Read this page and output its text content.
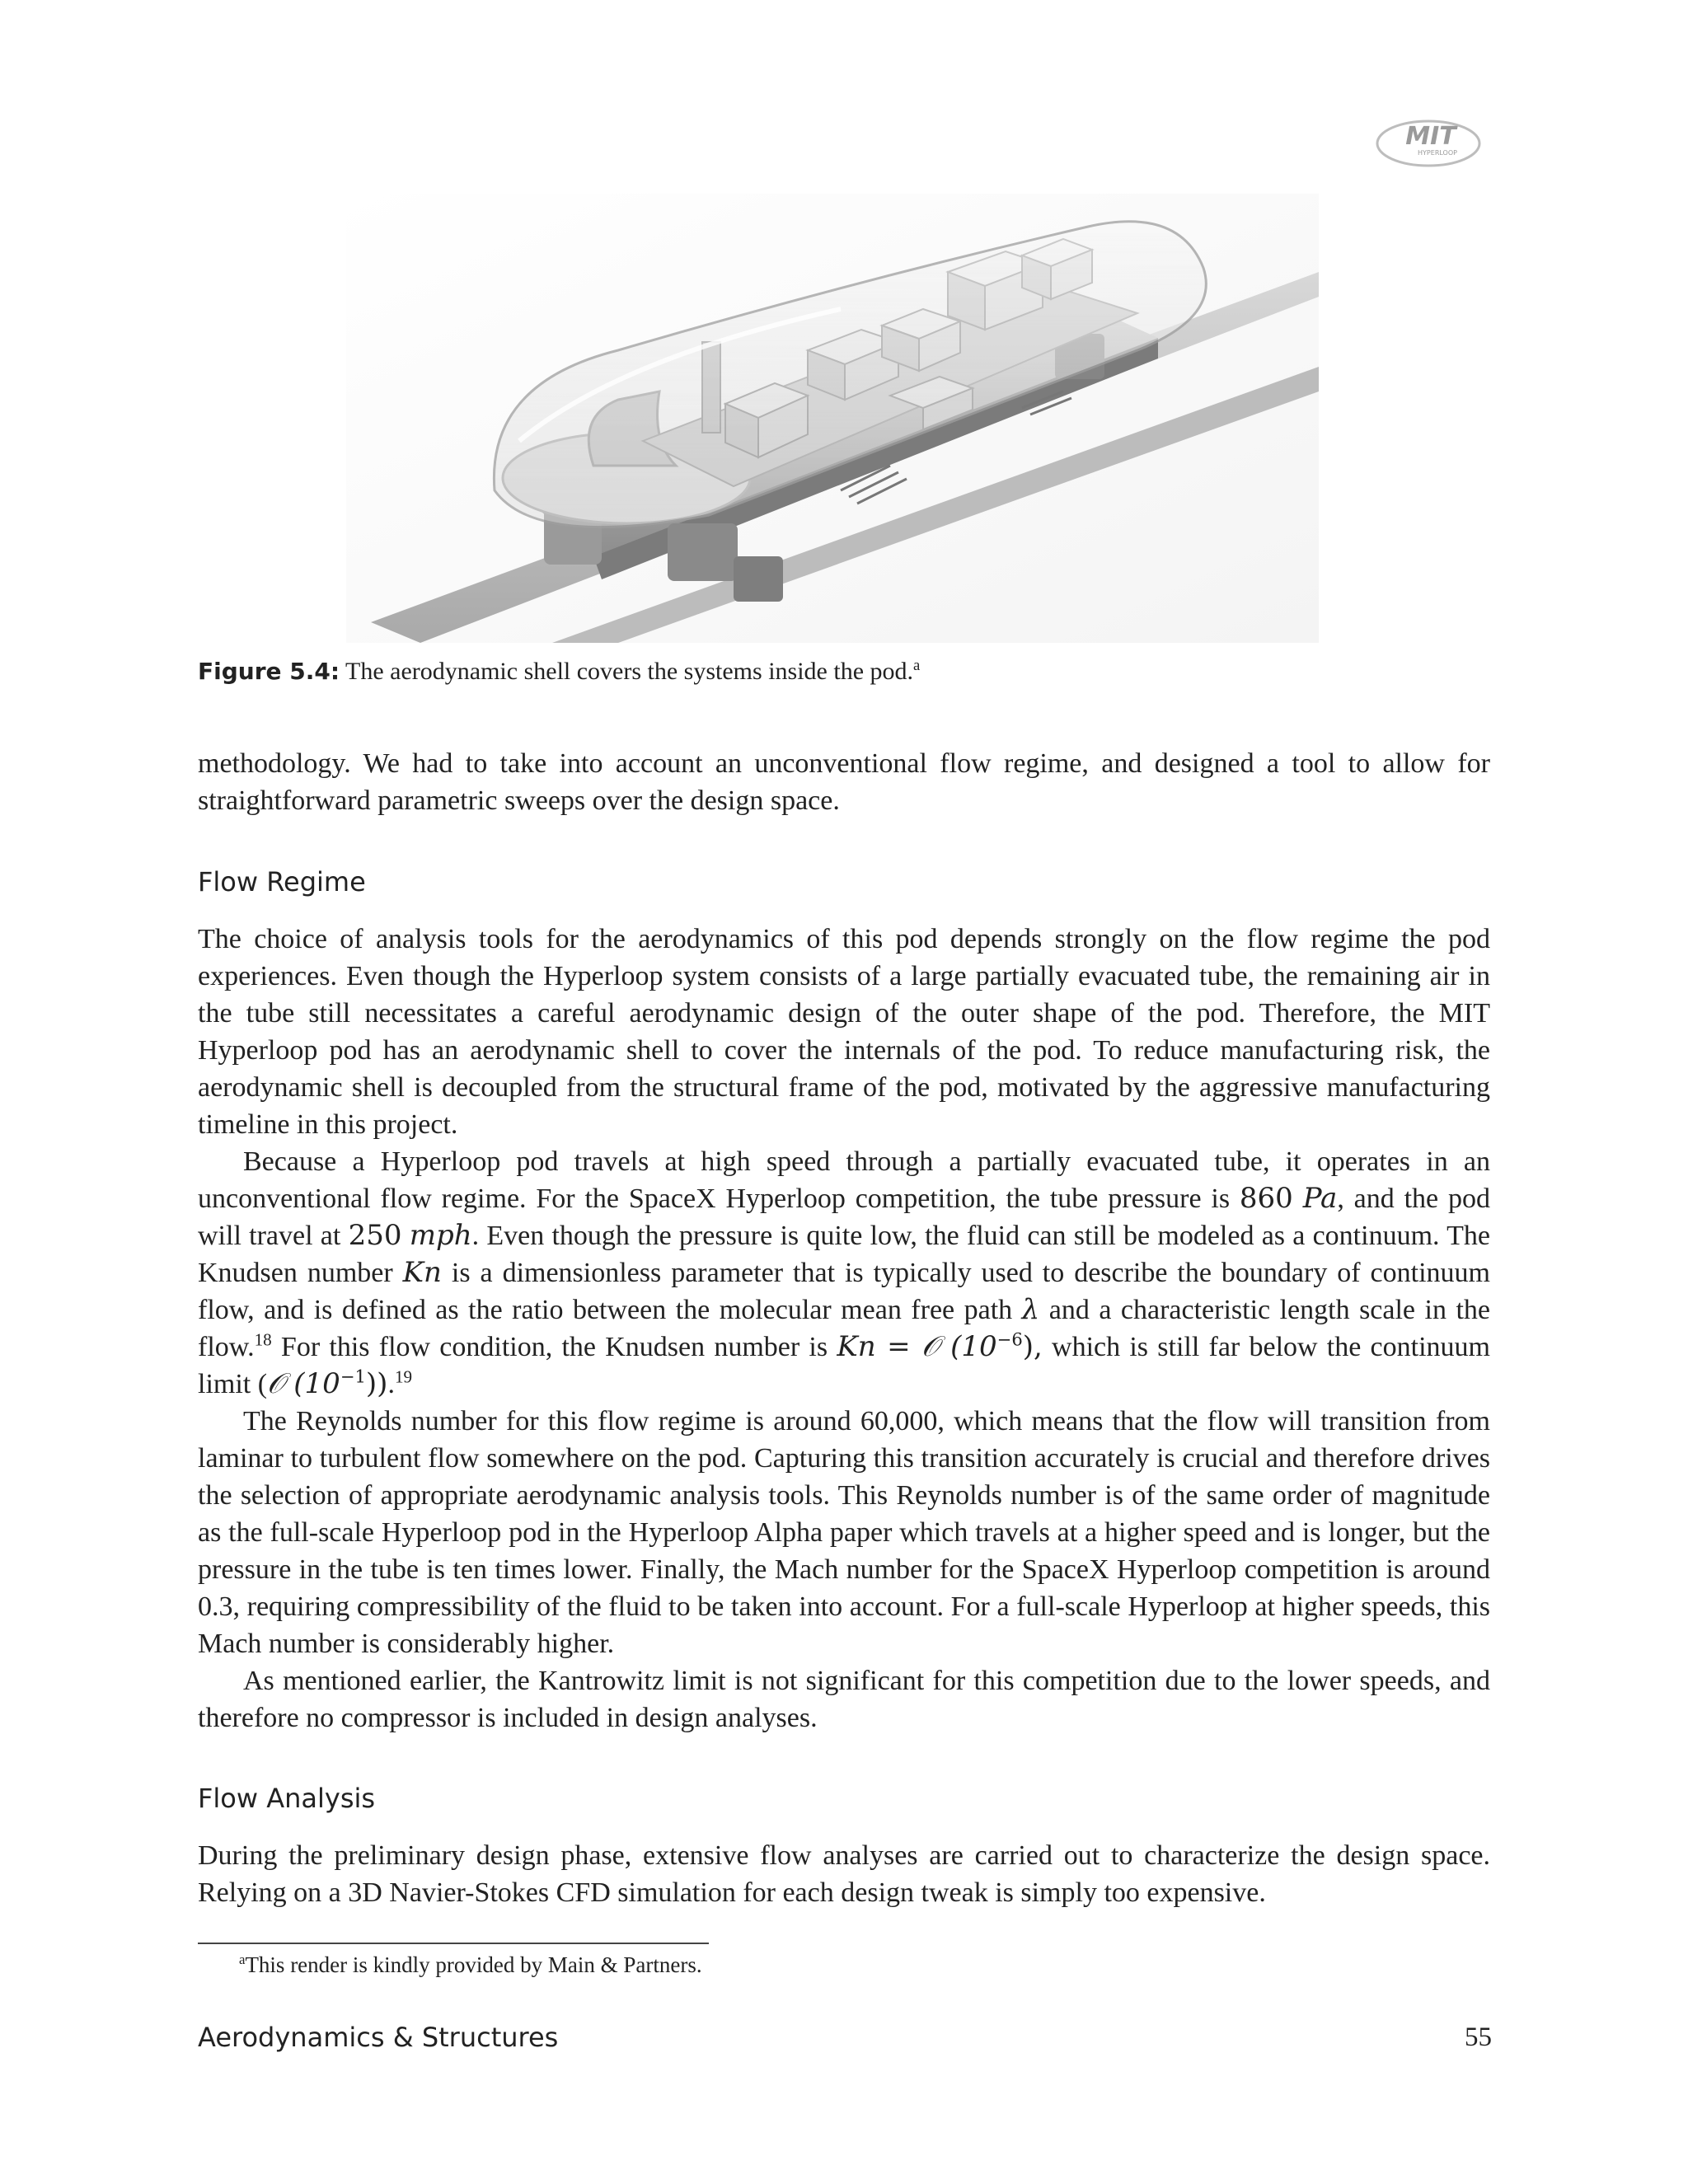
MIT
HYPERLOOP
Figure 5.4: The aerodynamic shell covers the systems inside the pod.$^a$

methodology. We had to take into account an unconventional flow regime, and designed a tool to allow for straightforward parametric sweeps over the design space.

Flow Regime

The choice of analysis tools for the aerodynamics of this pod depends strongly on the flow regime the pod experiences. Even though the Hyperloop system consists of a large partially evacuated tube, the remaining air in the tube still necessitates a careful aerodynamic design of the outer shape of the pod. Therefore, the MIT Hyperloop pod has an aerodynamic shell to cover the internals of the pod. To reduce manufacturing risk, the aerodynamic shell is decoupled from the structural frame of the pod, motivated by the aggressive manufacturing timeline in this project.

Because a Hyperloop pod travels at high speed through a partially evacuated tube, it operates in an unconventional flow regime. For the SpaceX Hyperloop competition, the tube pressure is 860 Pa, and the pod will travel at 250 mph. Even though the pressure is quite low, the fluid can still be modeled as a continuum. The Knudsen number Kn is a dimensionless parameter that is typically used to describe the boundary of continuum flow, and is defined as the ratio between the molecular mean free path λ and a characteristic length scale in the flow.$^{18}$ For this flow condition, the Knudsen number is Kn = 𝒪 $(10^{-6})$, which is still far below the continuum limit (𝒪 $(10^{-1})).^{19}$

The Reynolds number for this flow regime is around 60,000, which means that the flow will transition from laminar to turbulent flow somewhere on the pod. Capturing this transition accurately is crucial and therefore drives the selection of appropriate aerodynamic analysis tools. This Reynolds number is of the same order of magnitude as the full-scale Hyperloop pod in the Hyperloop Alpha paper which travels at a higher speed and is longer, but the pressure in the tube is ten times lower. Finally, the Mach number for the SpaceX Hyperloop competition is around 0.3, requiring compressibility of the fluid to be taken into account. For a full-scale Hyperloop at higher speeds, this Mach number is considerably higher.

As mentioned earlier, the Kantrowitz limit is not significant for this competition due to the lower speeds, and therefore no compressor is included in design analyses.

Flow Analysis

During the preliminary design phase, extensive flow analyses are carried out to characterize the design space. Relying on a 3D Navier-Stokes CFD simulation for each design tweak is simply too expensive.

$^a$This render is kindly provided by Main & Partners.
Aerodynamics & Structures	55
